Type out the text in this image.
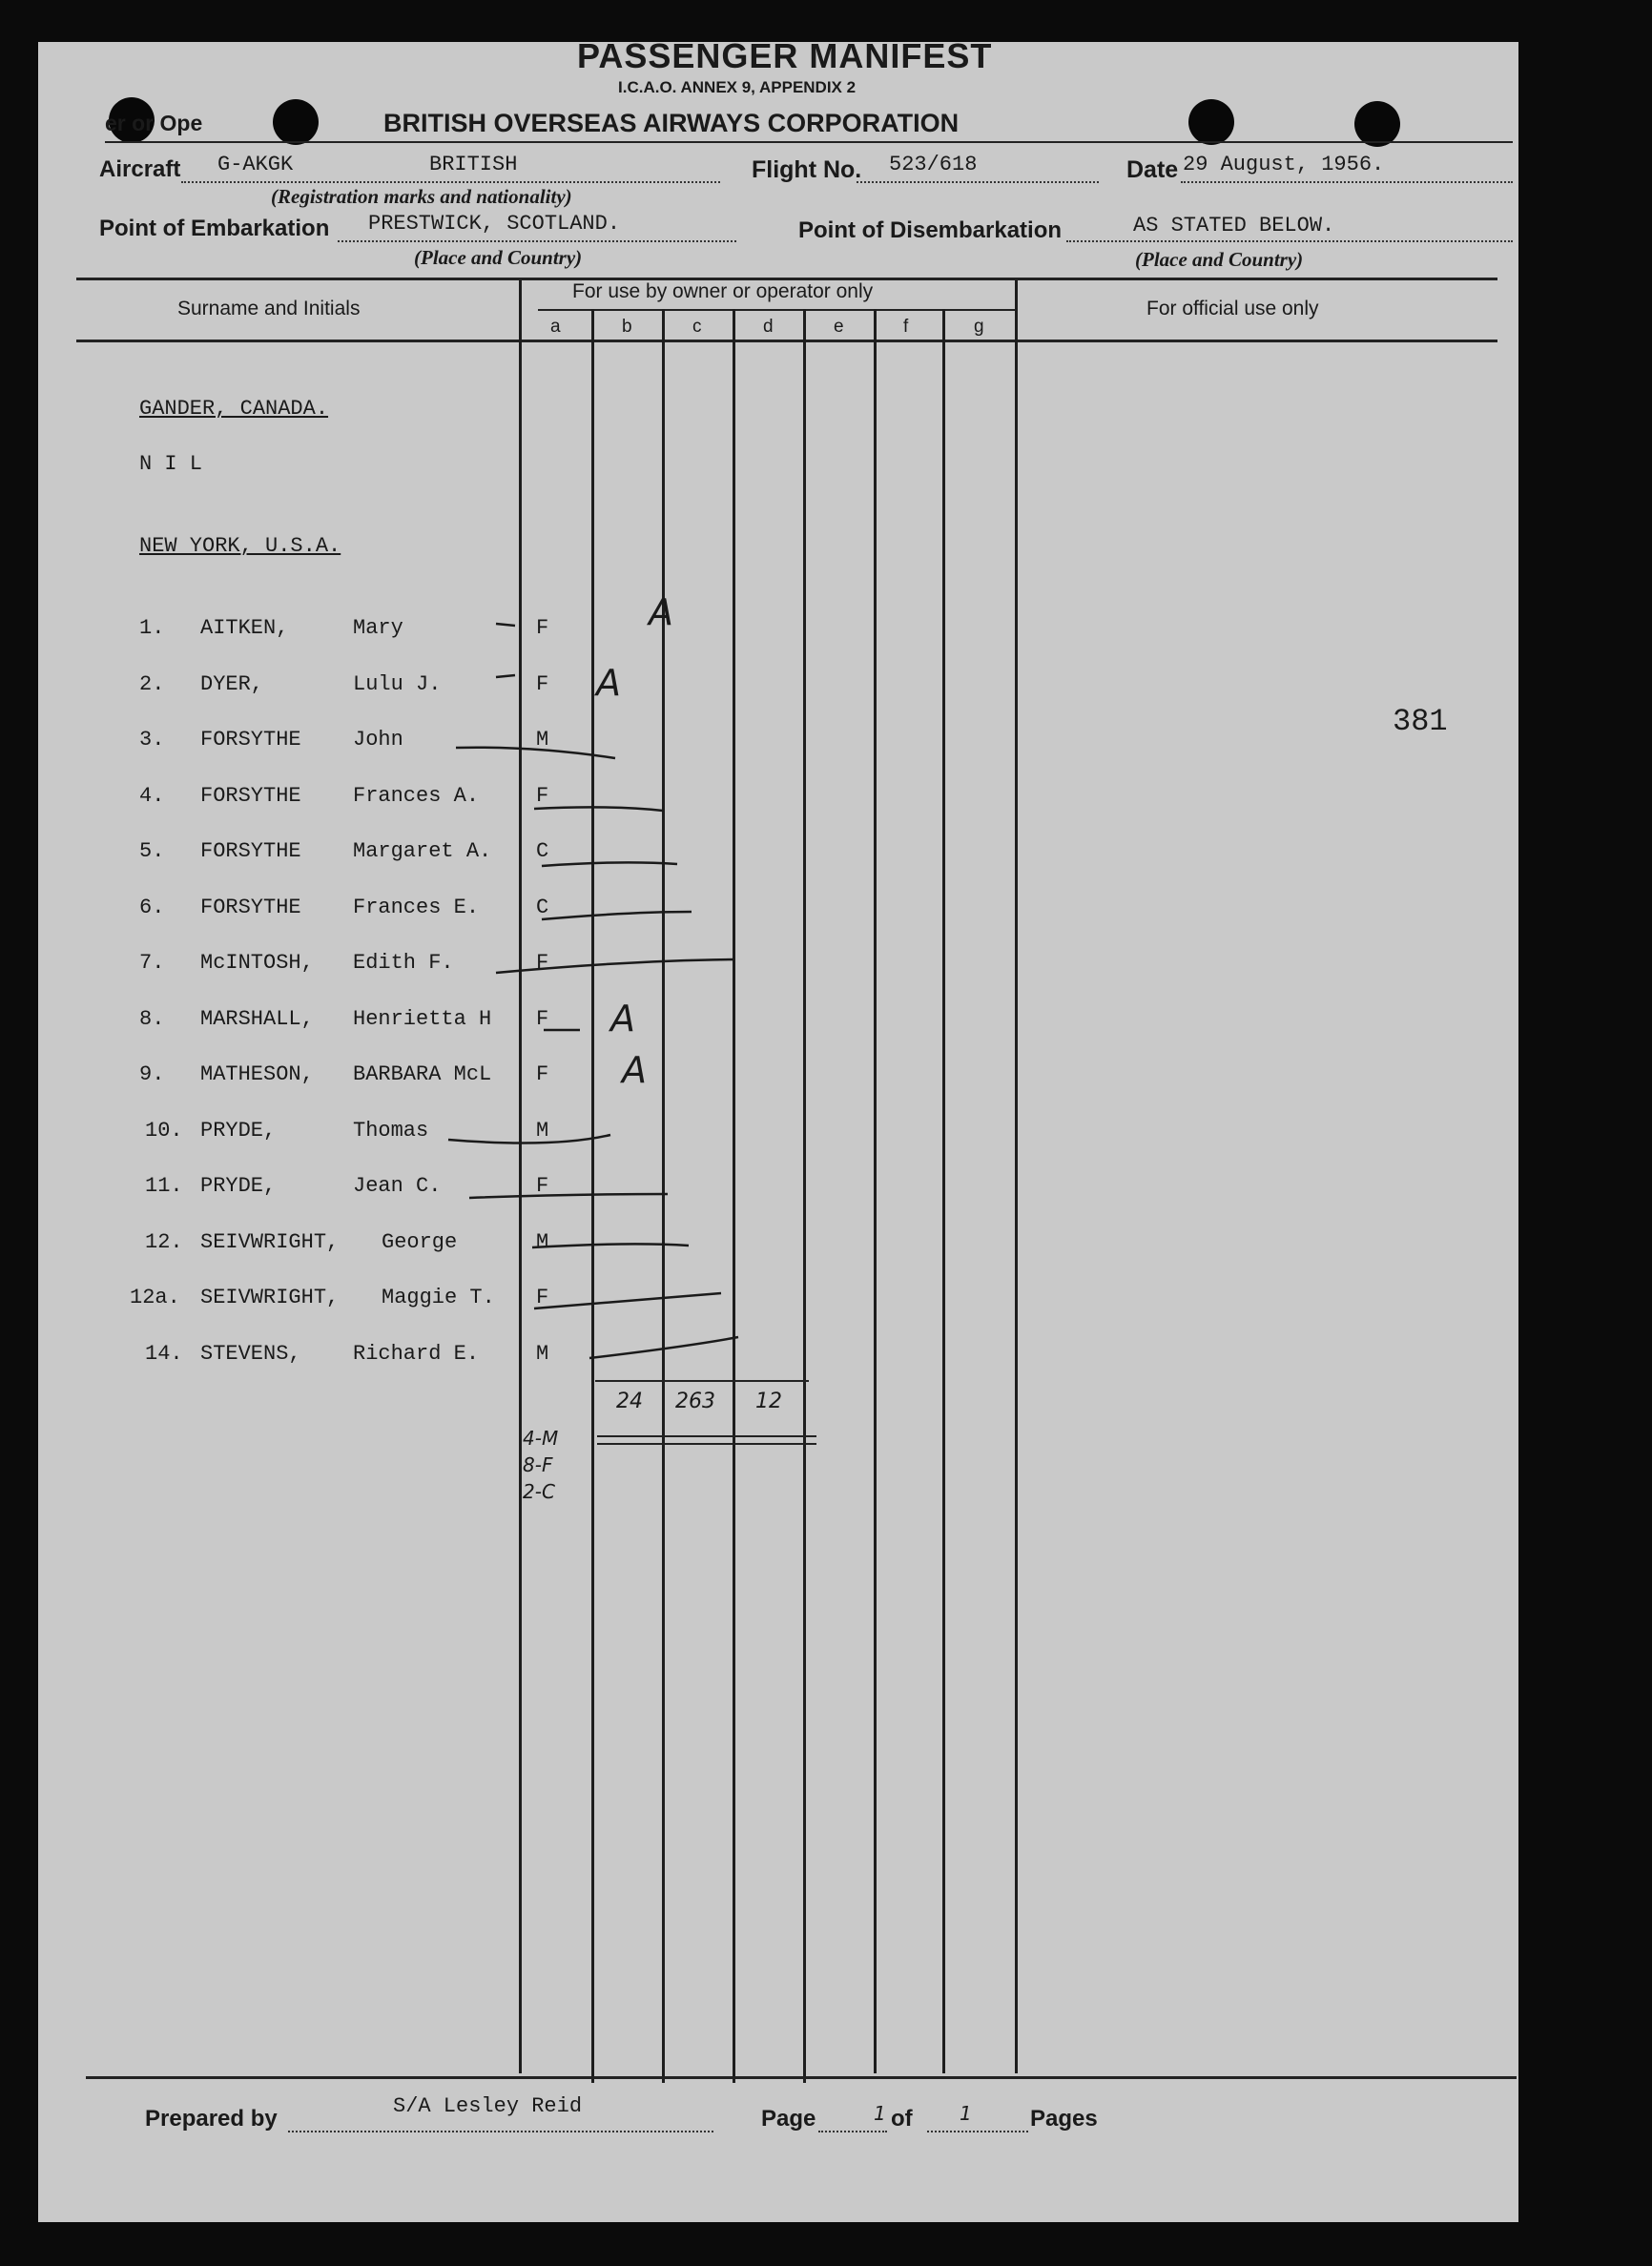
PASSENGER MANIFEST
I.C.A.O. ANNEX 9, APPENDIX 2
er or Ope	BRITISH OVERSEAS AIRWAYS CORPORATION
Aircraft G-AKGK	BRITISH
(Registration marks and nationality)
Flight No. 523/618	Date 29 August, 1956.
Point of Embarkation PRESTWICK, SCOTLAND.
(Place and Country)
Point of Disembarkation	AS STATED BELOW.
(Place and Country)
Surname and Initials
For use by owner or operator only
For official use only
a	b	c	d	e	f	g
GANDER, CANADA.
N I L
NEW YORK, U.S.A.
1. AITKEN,	Mary	F	A
2. DYER,	Lulu J.	F A
3. FORSYTHE John	M
4. FORSYTHE Frances A.	F
5. FORSYTHE Margaret A. C
6. FORSYTHE Frances E.	C
7. McINTOSH, Edith F.	F
8. MARSHALL, Henrietta H F A
9. MATHESON, BARBARA McL F A
10. PRYDE,	Thomas	M
11. PRYDE,	Jean C.	F
12. SEIVWRIGHT, George	M
12a. SEIVWRIGHT, Maggie T. F
14. STEVENS, Richard E.	M
24 263 12
4-M
8-F
2-C
381
Prepared by	S/A Lesley Reid	Page	1 of 1	Pages
